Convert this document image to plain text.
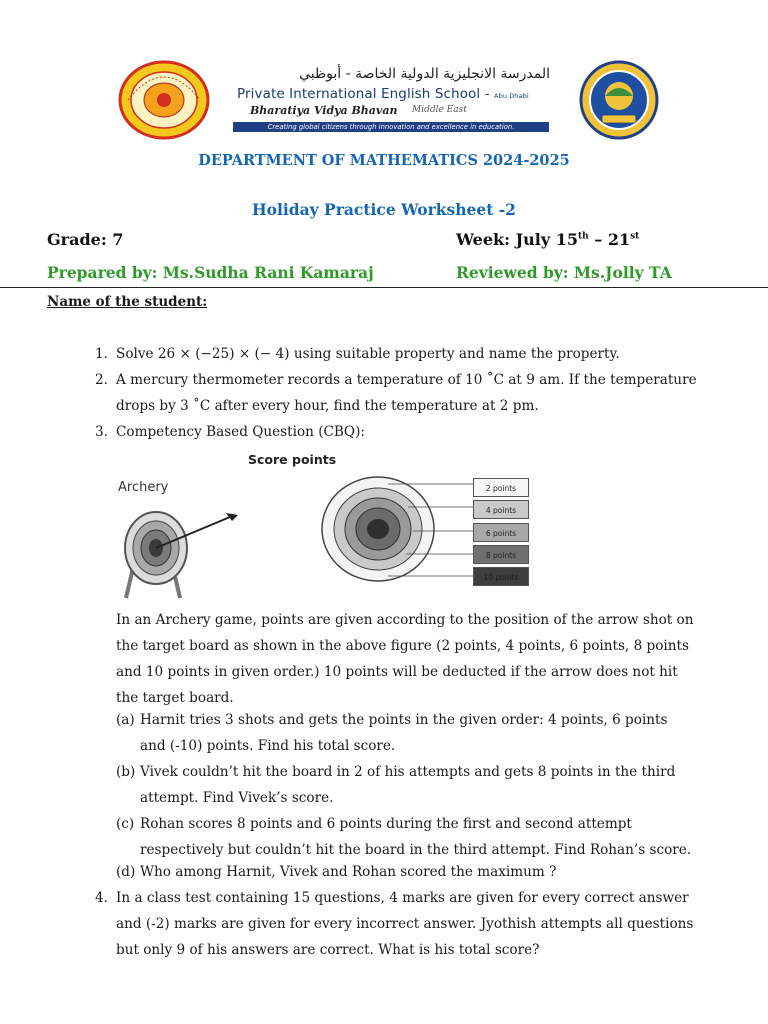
المدرسة الانجليزية الدولية الخاصة - أبوظبي
Private International English School - Abu Dhabi
Bharatiya Vidya Bhavan Middle East
Creating global citizens through innovation and excellence in education.
DEPARTMENT OF MATHEMATICS 2024-2025
Holiday Practice Worksheet -2
Grade: 7	Week: July 15th – 21st
Prepared by: Ms.Sudha Rani Kamaraj	Reviewed by: Ms.Jolly TA
Name of the student:
1. Solve 26 × (−25) × (− 4) using suitable property and name the property.
2. A mercury thermometer records a temperature of 10 ˚C at 9 am. If the temperature
drops by 3 ˚C after every hour, find the temperature at 2 pm.
3. Competency Based Question (CBQ):
Score points
Archery	2 points
4 points
6 points
8 points
10 points
In an Archery game, points are given according to the position of the arrow shot on
the target board as shown in the above figure (2 points, 4 points, 6 points, 8 points
and 10 points in given order.) 10 points will be deducted if the arrow does not hit
the target board.
(a) Harnit tries 3 shots and gets the points in the given order: 4 points, 6 points
and (-10) points. Find his total score.
(b) Vivek couldn’t hit the board in 2 of his attempts and gets 8 points in the third
attempt. Find Vivek’s score.
(c) Rohan scores 8 points and 6 points during the first and second attempt
respectively but couldn’t hit the board in the third attempt. Find Rohan’s score.
(d) Who among Harnit, Vivek and Rohan scored the maximum ?
4. In a class test containing 15 questions, 4 marks are given for every correct answer
and (-2) marks are given for every incorrect answer. Jyothish attempts all questions
but only 9 of his answers are correct. What is his total score?
